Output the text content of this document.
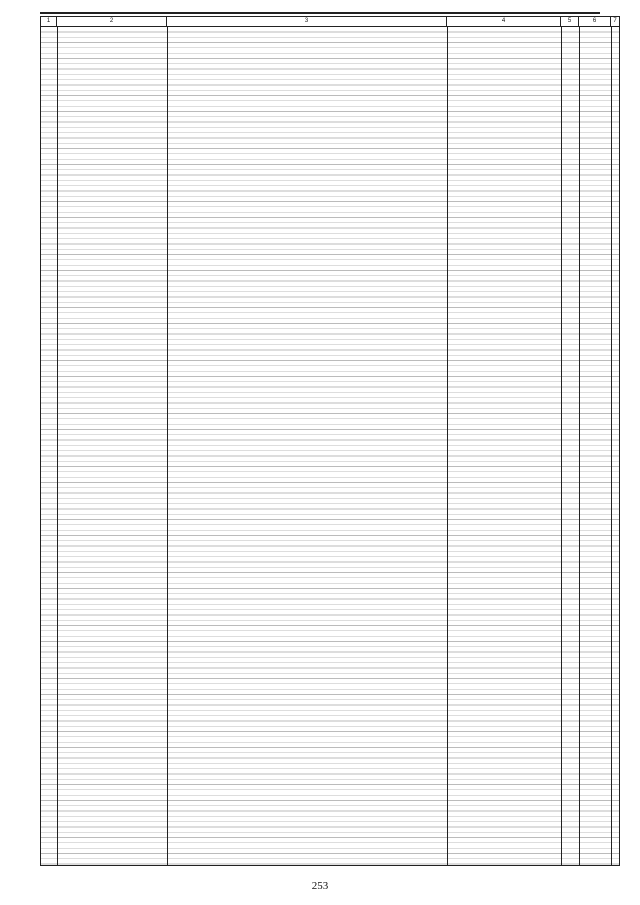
1	2	3	4	5	6	7
253
